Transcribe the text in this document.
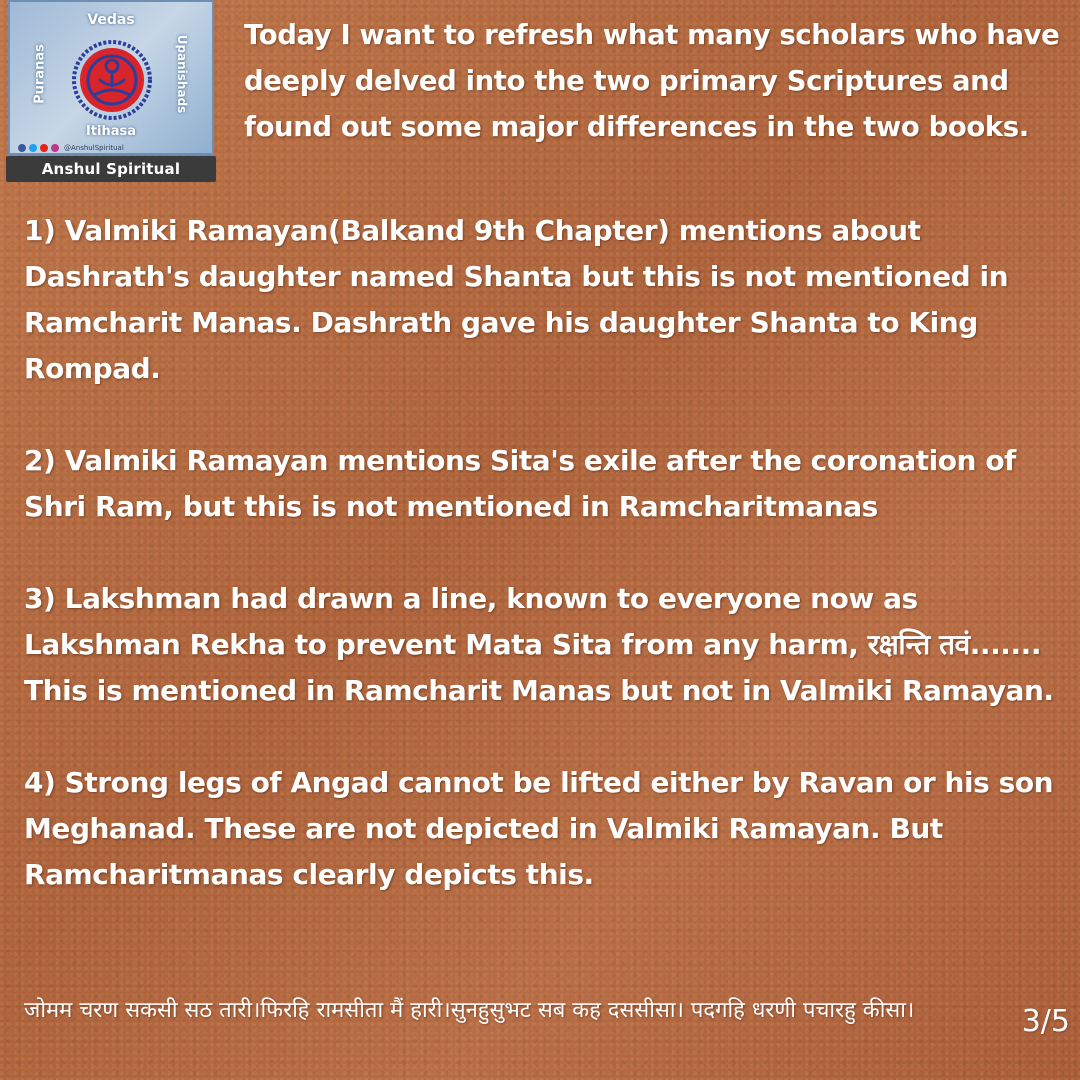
Vedas
Puranas	Upanishads
Itihasa
@AnshulSpiritual
Anshul Spiritual
Today I want to refresh what many scholars who have deeply delved into the two primary Scriptures and found out some major differences in the two books.
1) Valmiki Ramayan(Balkand 9th Chapter) mentions about Dashrath's daughter named Shanta but this is not mentioned in Ramcharit Manas. Dashrath gave his daughter Shanta to King Rompad.
2) Valmiki Ramayan mentions Sita's exile after the coronation of Shri Ram, but this is not mentioned in Ramcharitmanas
3) Lakshman had drawn a line, known to everyone now as Lakshman Rekha to prevent Mata Sita from any harm, रक्षन्ति तवं....... This is mentioned in Ramcharit Manas but not in Valmiki Ramayan.
4) Strong legs of Angad cannot be lifted either by Ravan or his son Meghanad. These are not depicted in Valmiki Ramayan. But Ramcharitmanas clearly depicts this.
जोमम चरण सकसी सठ तारी।फिरहि रामसीता मैं हारी।सुनहुसुभट सब कह दससीसा। पदगहि धरणी पचारहु कीसा।	3/5
